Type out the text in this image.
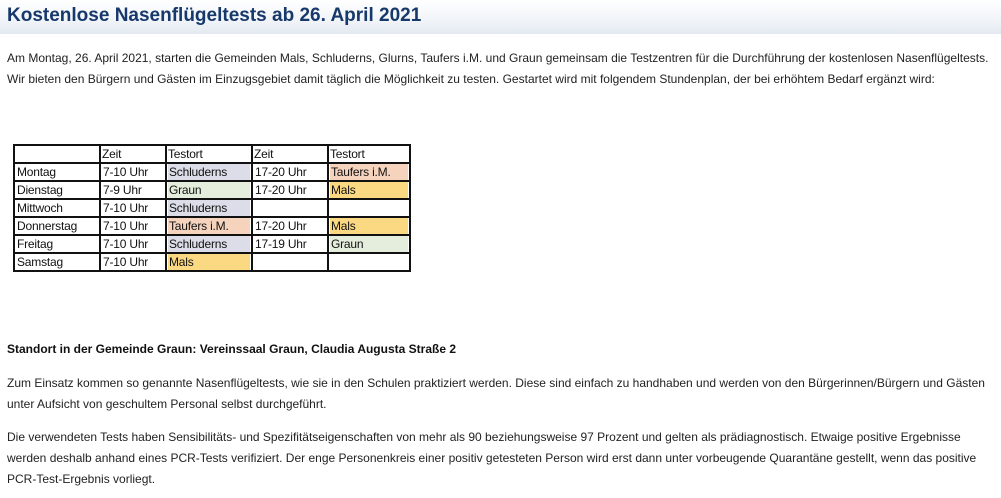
Kostenlose Nasenflügeltests ab 26. April 2021

Am Montag, 26. April 2021, starten die Gemeinden Mals, Schluderns, Glurns, Taufers i.M. und Graun gemeinsam die Testzentren für die Durchführung der kostenlosen Nasenflügeltests. Wir bieten den Bürgern und Gästen im Einzugsgebiet damit täglich die Möglichkeit zu testen. Gestartet wird mit folgendem Stundenplan, der bei erhöhtem Bedarf ergänzt wird:

	Zeit	Testort	Zeit	Testort

Montag	7-10 Uhr	Schluderns	17-20 Uhr	Taufers i.M.

Dienstag	7-9 Uhr	Graun	17-20 Uhr	Mals

Mittwoch	7-10 Uhr	Schluderns		

Donnerstag	7-10 Uhr	Taufers i.M.	17-20 Uhr	Mals

Freitag	7-10 Uhr	Schluderns	17-19 Uhr	Graun

Samstag	7-10 Uhr	Mals		

Standort in der Gemeinde Graun: Vereinssaal Graun, Claudia Augusta Straße 2

Zum Einsatz kommen so genannte Nasenflügeltests, wie sie in den Schulen praktiziert werden. Diese sind einfach zu handhaben und werden von den Bürgerinnen/Bürgern und Gästen unter Aufsicht von geschultem Personal selbst durchgeführt.

Die verwendeten Tests haben Sensibilitäts- und Spezifitätseigenschaften von mehr als 90 beziehungsweise 97 Prozent und gelten als prädiagnostisch. Etwaige positive Ergebnisse werden deshalb anhand eines PCR-Tests verifiziert. Der enge Personenkreis einer positiv getesteten Person wird erst dann unter vorbeugende Quarantäne gestellt, wenn das positive PCR-Test-Ergebnis vorliegt.
